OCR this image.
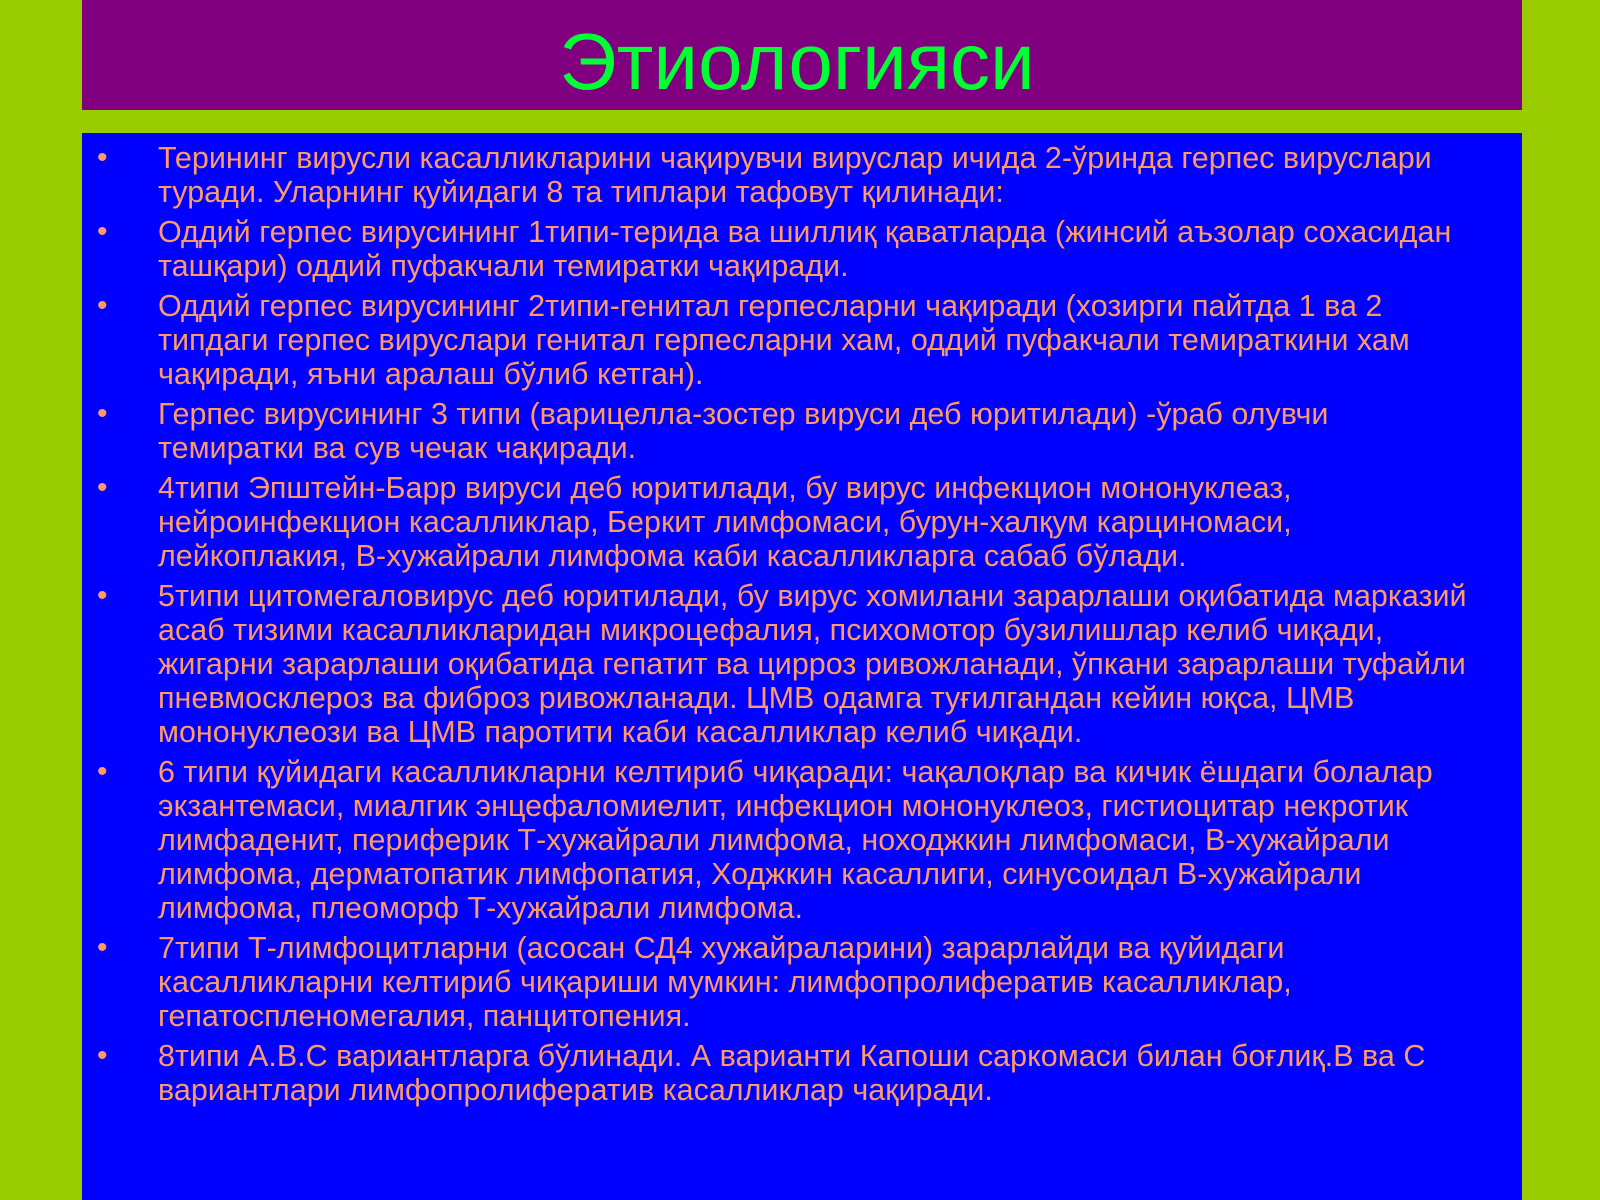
Этиологияси
• Терининг вирусли касалликларини чақирувчи вируслар ичида 2-ўринда герпес вируслари туради. Уларнинг қуйидаги 8 та типлари тафовут қилинади:
• Оддий герпес вирусининг 1типи-терида ва шиллиқ қаватларда (жинсий аъзолар сохасидан ташқари) оддий пуфакчали темиратки чақиради.
• Оддий герпес вирусининг 2типи-генитал герпесларни чақиради (хозирги пайтда 1 ва 2 типдаги герпес вируслари генитал герпесларни хам, оддий пуфакчали темираткини хам чақиради, яъни аралаш бўлиб кетган).
• Герпес вирусининг 3 типи (варицелла-зостер вируси деб юритилади) -ўраб олувчи темиратки ва сув чечак чақиради.
• 4типи Эпштейн-Барр вируси деб юритилади, бу вирус инфекцион мононуклеаз, нейроинфекцион касалликлар, Беркит лимфомаси, бурун-халқум карциномаси, лейкоплакия, В-хужайрали лимфома каби касалликларга сабаб бўлади.
• 5типи цитомегаловирус деб юритилади, бу вирус хомилани зарарлаши оқибатида марказий асаб тизими касалликларидан микроцефалия, психомотор бузилишлар келиб чиқади, жигарни зарарлаши оқибатида гепатит ва цирроз ривожланади, ўпкани зарарлаши туфайли пневмосклероз ва фиброз ривожланади. ЦМВ одамга туғилгандан кейин юқса, ЦМВ мононуклеози ва ЦМВ паротити каби касалликлар келиб чиқади.
• 6 типи қуйидаги касалликларни келтириб чиқаради: чақалоқлар ва кичик ёшдаги болалар экзантемаси, миалгик энцефаломиелит, инфекцион мононуклеоз, гистиоцитар некротик лимфаденит, периферик Т-хужайрали лимфома, ноходжкин лимфомаси, В-хужайрали лимфома, дерматопатик лимфопатия, Ходжкин касаллиги, синусоидал В-хужайрали лимфома, плеоморф Т-хужайрали лимфома.
• 7типи Т-лимфоцитларни (асосан СД4 хужайраларини) зарарлайди ва қуйидаги касалликларни келтириб чиқариши мумкин: лимфопролифератив касалликлар, гепатоспленомегалия, панцитопения.
• 8типи А.В.С вариантларга бўлинади. А варианти Капоши саркомаси билан боғлиқ.В ва С вариантлари лимфопролифератив касалликлар чақиради.
